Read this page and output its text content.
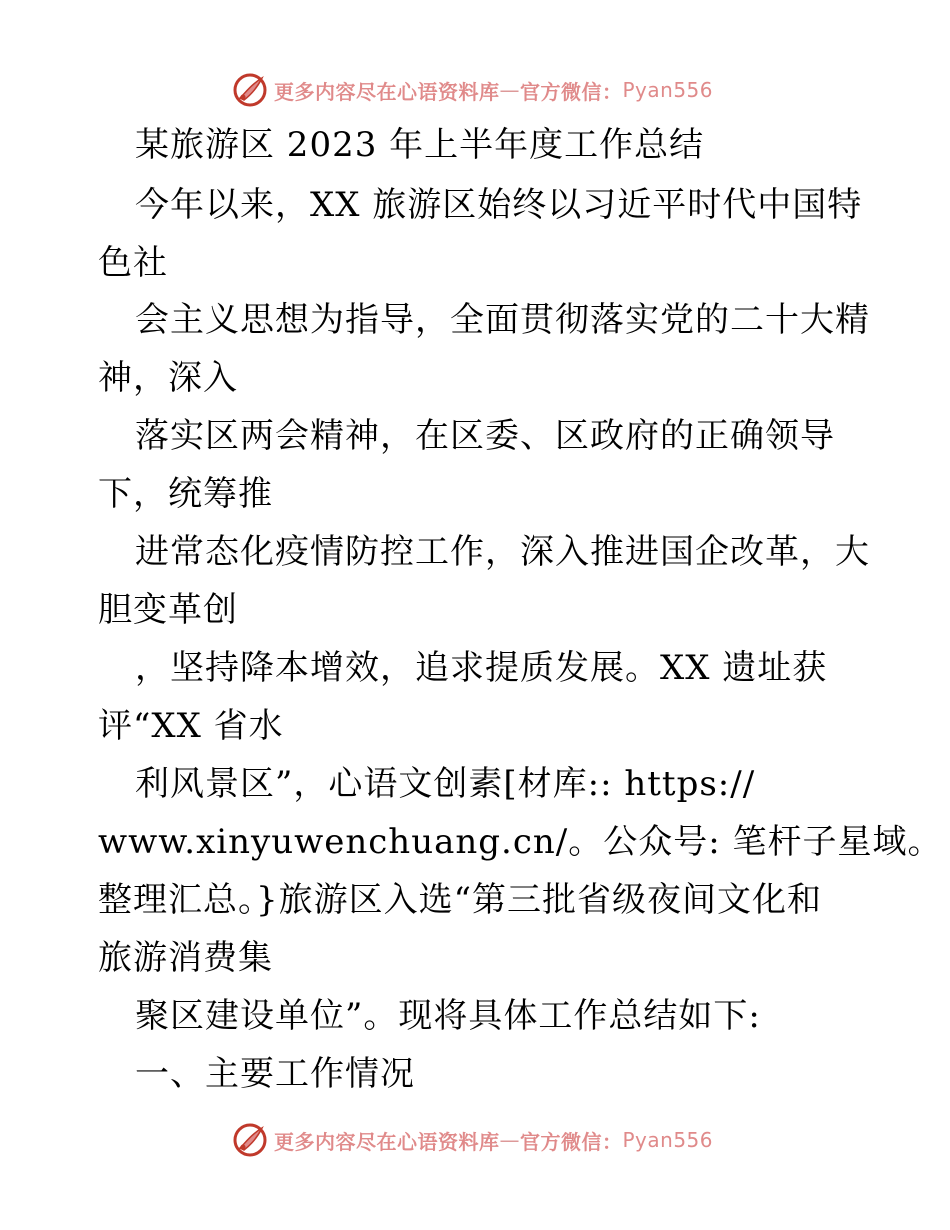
更多内容尽在心语资料库 — 官方微信： Pyan556
某旅游区 2023 年上半年度工作总结
今年以来，XX 旅游区始终以习近平时代中国特
色社
会主义思想为指导，全面贯彻落实党的二十大精
神，深入
落实区两会精神，在区委、区政府的正确领导
下，统筹推
进常态化疫情防控工作，深入推进国企改革，大
胆变革创
，坚持降本增效，追求提质发展。XX 遗址获
评“XX 省水
利风景区”，心语文创素[材库:: https://
www.xinyuwenchuang.cn/。公众号: 笔杆子星域。
整理汇总。}旅游区入选“第三批省级夜间文化和
旅游消费集
聚区建设单位”。现将具体工作总结如下:
一、主要工作情况
更多内容尽在心语资料库 — 官方微信： Pyan556
